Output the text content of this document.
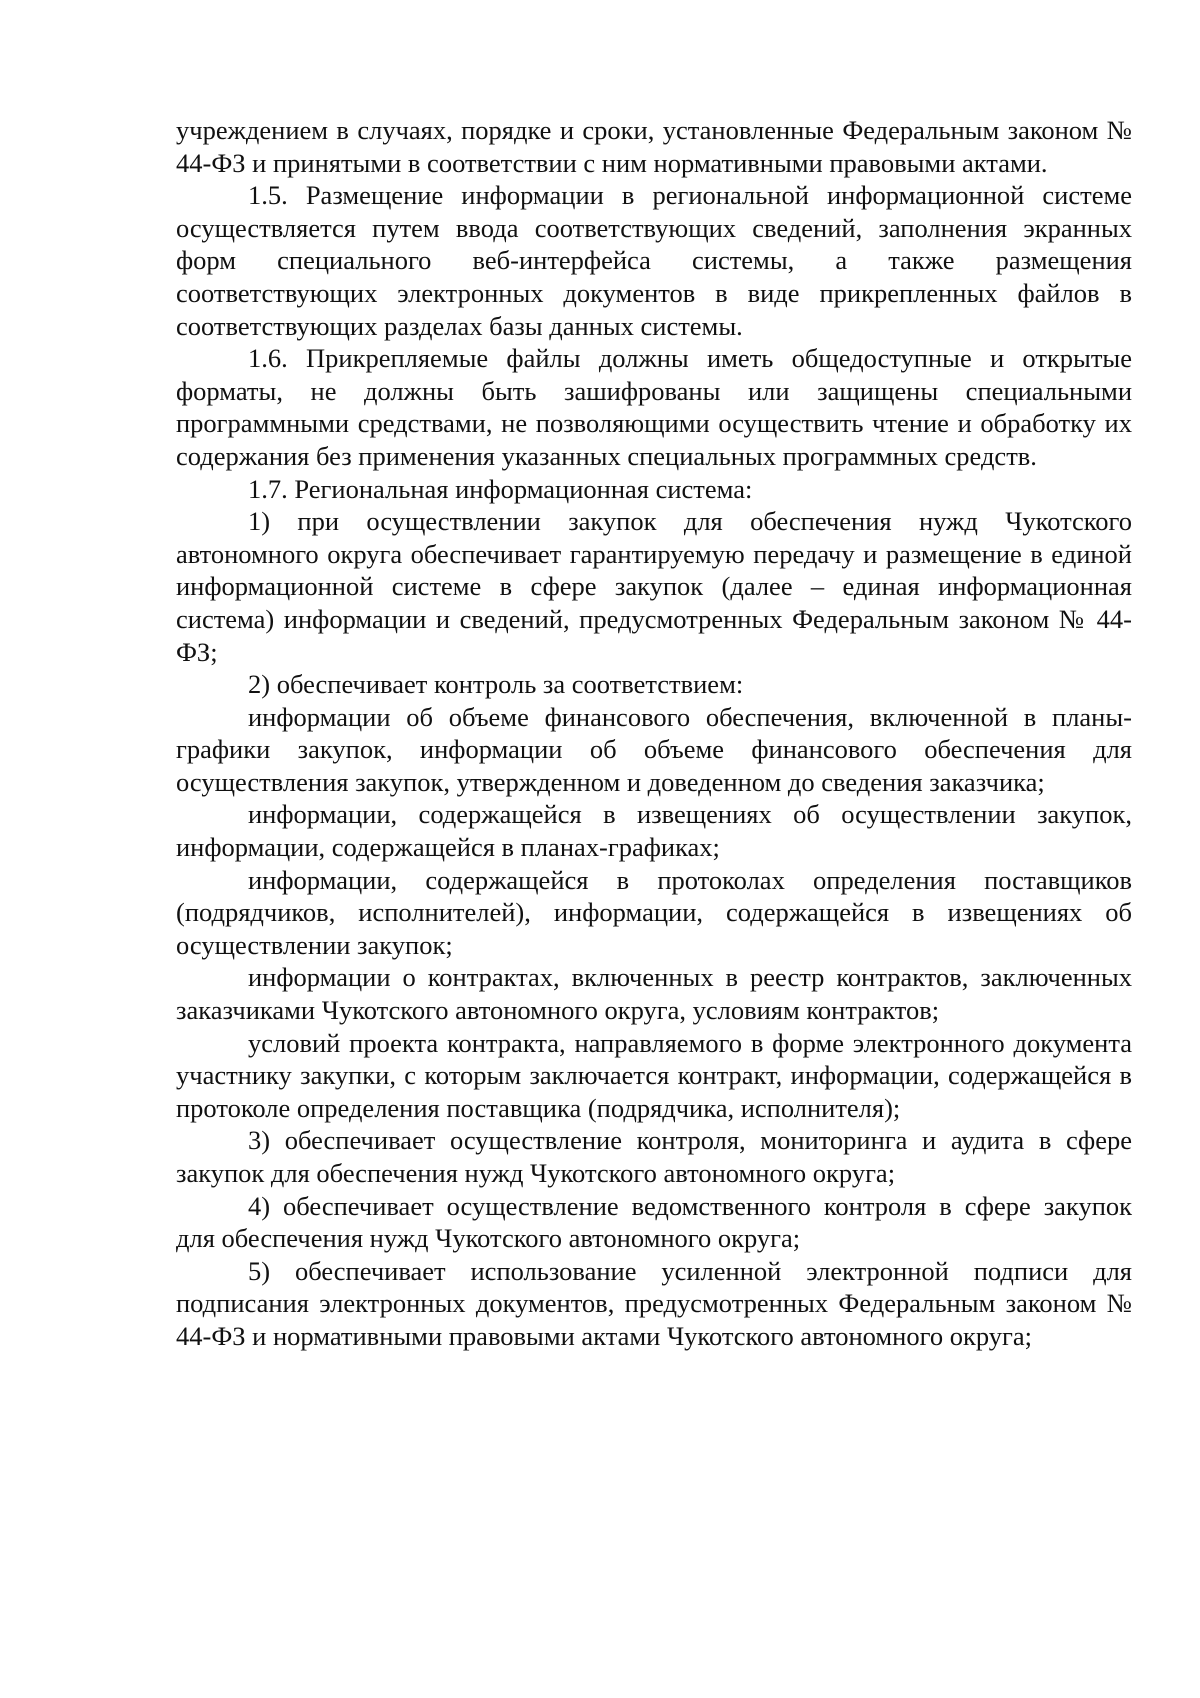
учреждением в случаях, порядке и сроки, установленные Федеральным законом № 44-ФЗ и принятыми в соответствии с ним нормативными правовыми актами.

1.5. Размещение информации в региональной информационной системе осуществляется путем ввода соответствующих сведений, заполнения экранных форм специального веб-интерфейса системы, а также размещения соответствующих электронных документов в виде прикрепленных файлов в соответствующих разделах базы данных системы.

1.6. Прикрепляемые файлы должны иметь общедоступные и открытые форматы, не должны быть зашифрованы или защищены специальными программными средствами, не позволяющими осуществить чтение и обработку их содержания без применения указанных специальных программных средств.

1.7. Региональная информационная система:

1) при осуществлении закупок для обеспечения нужд Чукотского автономного округа обеспечивает гарантируемую передачу и размещение в единой информационной системе в сфере закупок (далее – единая информационная система) информации и сведений, предусмотренных Федеральным законом № 44-ФЗ;

2) обеспечивает контроль за соответствием:

информации об объеме финансового обеспечения, включенной в планы-графики закупок, информации об объеме финансового обеспечения для осуществления закупок, утвержденном и доведенном до сведения заказчика;

информации, содержащейся в извещениях об осуществлении закупок, информации, содержащейся в планах-графиках;

информации, содержащейся в протоколах определения поставщиков (подрядчиков, исполнителей), информации, содержащейся в извещениях об осуществлении закупок;

информации о контрактах, включенных в реестр контрактов, заключенных заказчиками Чукотского автономного округа, условиям контрактов;

условий проекта контракта, направляемого в форме электронного документа участнику закупки, с которым заключается контракт, информации, содержащейся в протоколе определения поставщика (подрядчика, исполнителя);

3) обеспечивает осуществление контроля, мониторинга и аудита в сфере закупок для обеспечения нужд Чукотского автономного округа;

4) обеспечивает осуществление ведомственного контроля в сфере закупок для обеспечения нужд Чукотского автономного округа;

5) обеспечивает использование усиленной электронной подписи для подписания электронных документов, предусмотренных Федеральным законом № 44-ФЗ и нормативными правовыми актами Чукотского автономного округа;
